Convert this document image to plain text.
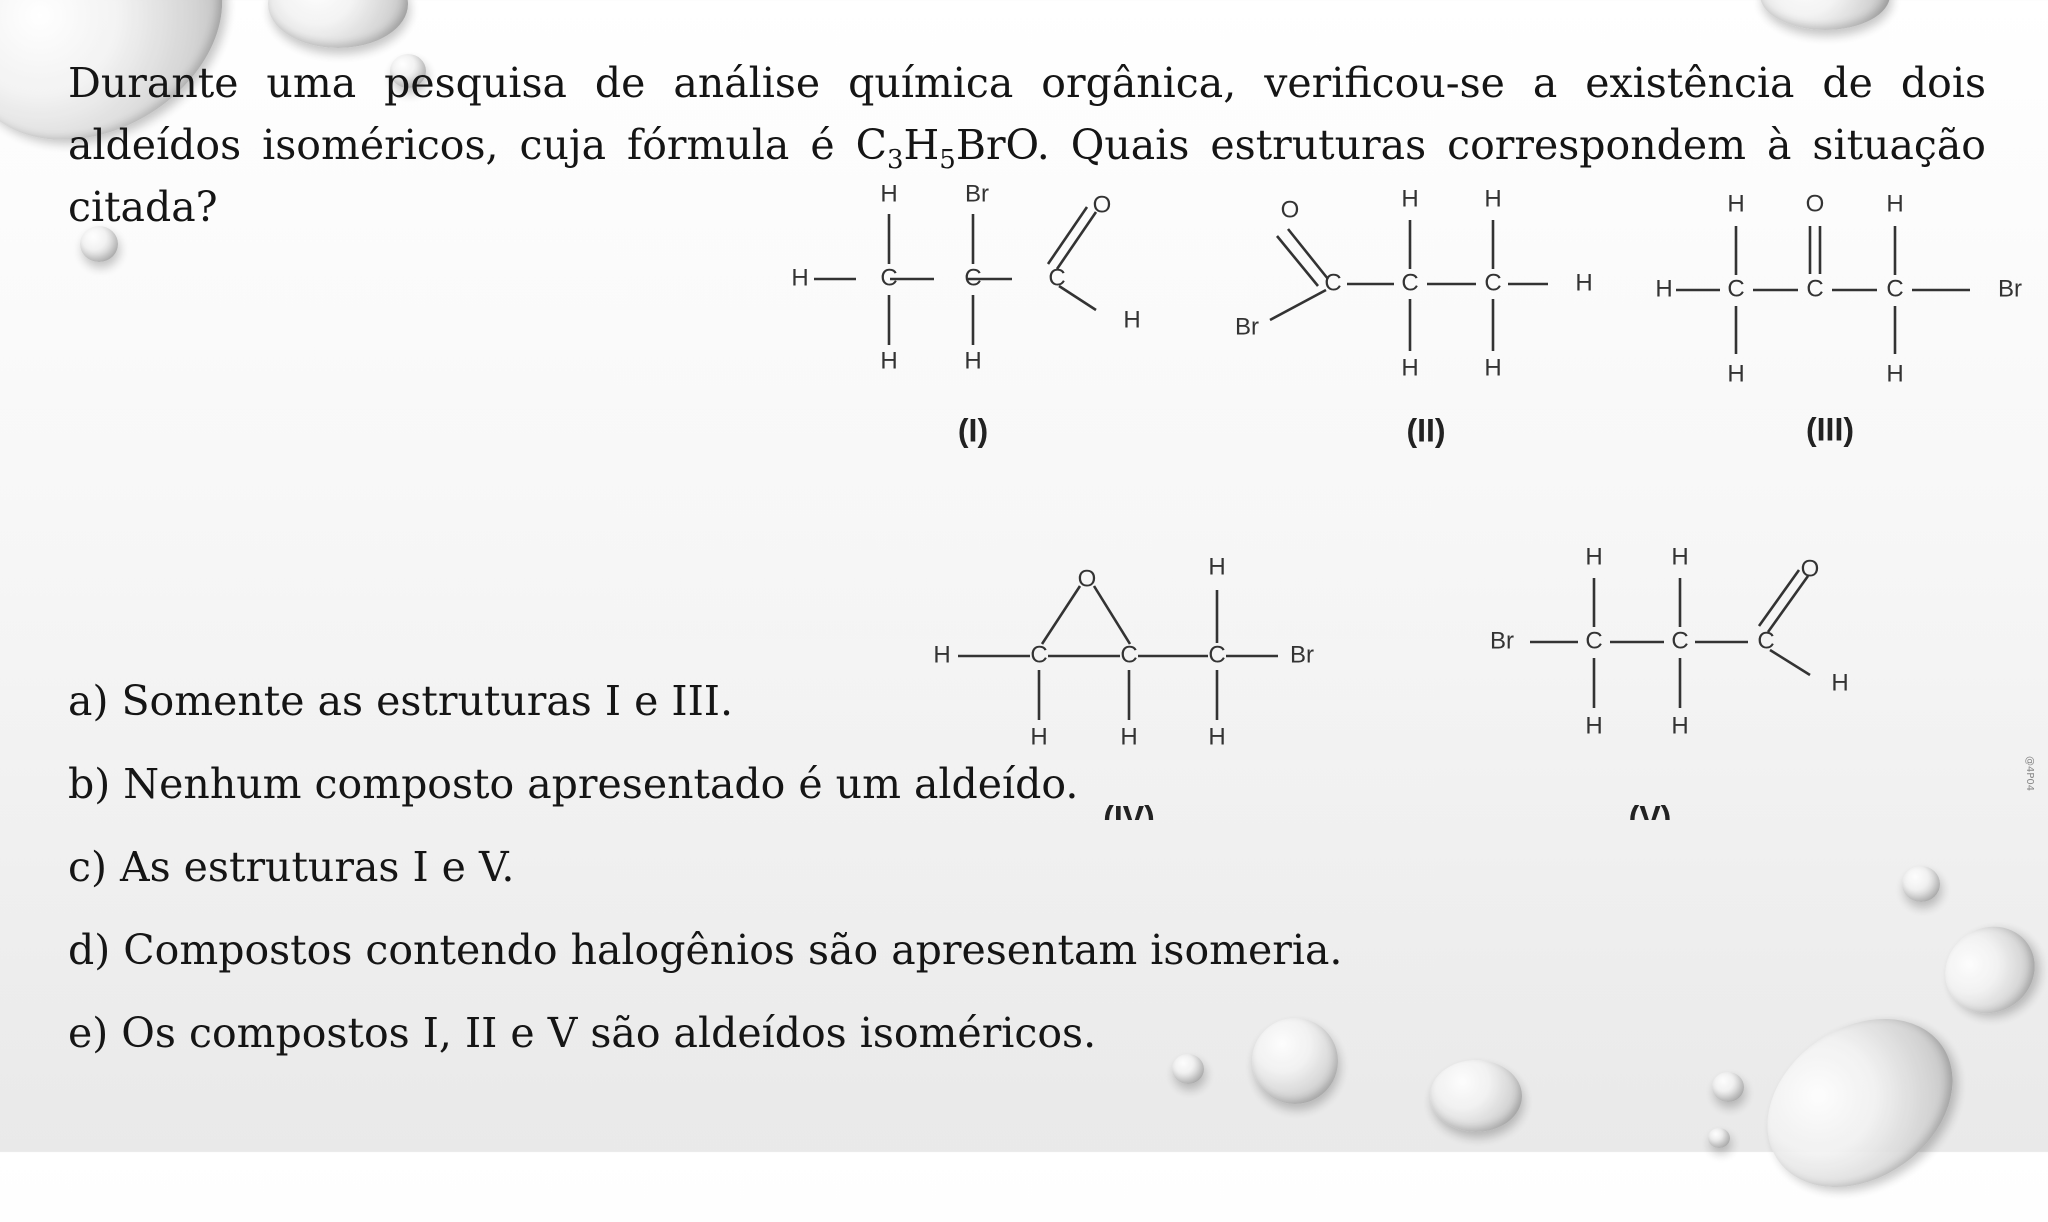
Durante uma pesquisa de análise química orgânica, verificou-se a existência de dois aldeídos isoméricos, cuja fórmula é $C_3H_5BrO$. Quais estruturas correspondem à situação citada?	H	Br	O
H	C	C	C
H
H	H
(I)
H	H
O
C C	C	H
Br
H	H
(II)
H	O	H
H C	C	C	Br
H	H
(III)
O	H
H	C	C	C	Br
H	H	H
(IV)
H	H	O
Br	C	C	C
H
H	H
(V)
a) Somente as estruturas I e III.
b) Nenhum composto apresentado é um aldeído.
c) As estruturas I e V.
d) Compostos contendo halogênios são apresentam isomeria.
e) Os compostos I, II e V são aldeídos isoméricos.
@4P04
